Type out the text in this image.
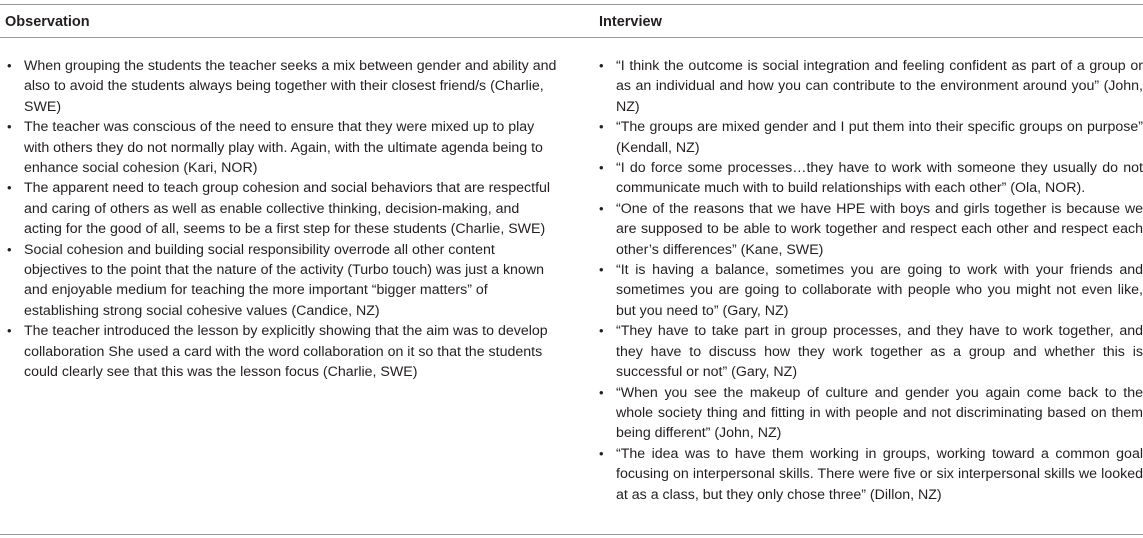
Observation	Interview
• When grouping the students the teacher seeks a mix between gender and ability and also to avoid the students always being together with their closest friend/s (Charlie, SWE)
• The teacher was conscious of the need to ensure that they were mixed up to play with others they do not normally play with. Again, with the ultimate agenda being to enhance social cohesion (Kari, NOR)
• The apparent need to teach group cohesion and social behaviors that are respectful and caring of others as well as enable collective thinking, decision-making, and acting for the good of all, seems to be a first step for these students (Charlie, SWE)
• Social cohesion and building social responsibility overrode all other content objectives to the point that the nature of the activity (Turbo touch) was just a known and enjoyable medium for teaching the more important “bigger matters” of establishing strong social cohesive values (Candice, NZ)
• The teacher introduced the lesson by explicitly showing that the aim was to develop collaboration She used a card with the word collaboration on it so that the students could clearly see that this was the lesson focus (Charlie, SWE)
• “I think the outcome is social integration and feeling confident as part of a group or as an individual and how you can contribute to the environment around you” (John, NZ)
• “The groups are mixed gender and I put them into their specific groups on purpose” (Kendall, NZ)
• “I do force some processes…they have to work with someone they usually do not communicate much with to build relationships with each other” (Ola, NOR).
• “One of the reasons that we have HPE with boys and girls together is because we are supposed to be able to work together and respect each other and respect each other’s differences” (Kane, SWE)
• “It is having a balance, sometimes you are going to work with your friends and sometimes you are going to collaborate with people who you might not even like, but you need to” (Gary, NZ)
• “They have to take part in group processes, and they have to work together, and they have to discuss how they work together as a group and whether this is successful or not” (Gary, NZ)
• “When you see the makeup of culture and gender you again come back to the whole society thing and fitting in with people and not discriminating based on them being different” (John, NZ)
• “The idea was to have them working in groups, working toward a common goal focusing on interpersonal skills. There were five or six interpersonal skills we looked at as a class, but they only chose three” (Dillon, NZ)
